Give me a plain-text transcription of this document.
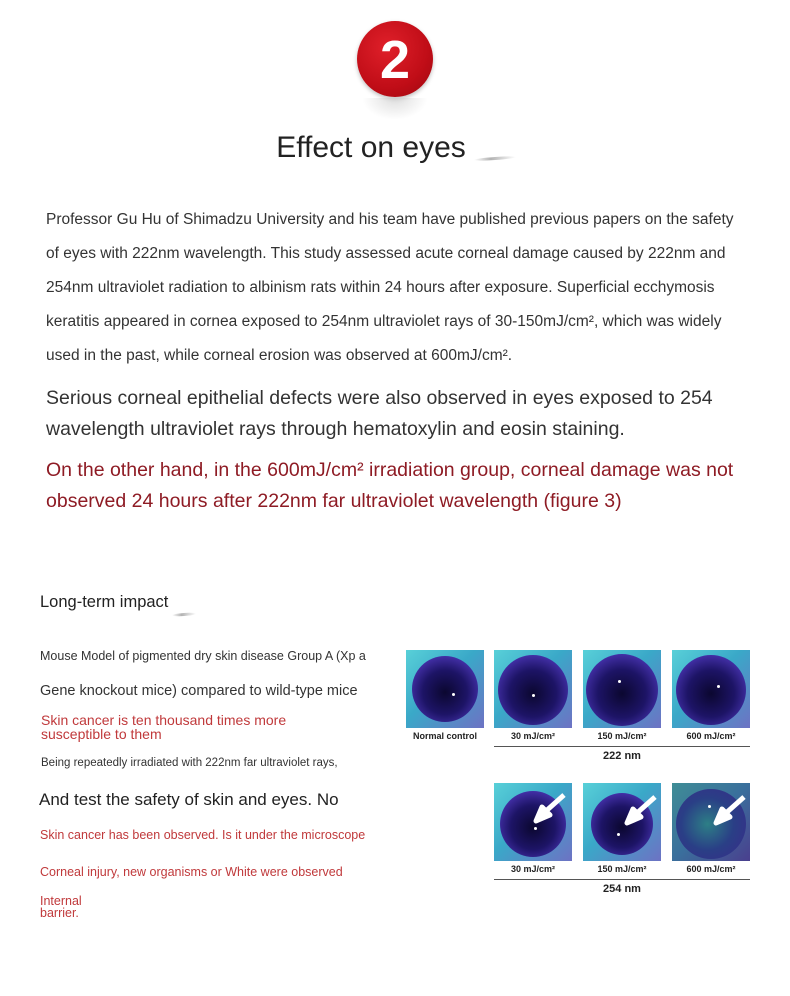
2
Effect on eyes
Professor Gu Hu of Shimadzu University and his team have published previous papers on the safety of eyes with 222nm wavelength. This study assessed acute corneal damage caused by 222nm and 254nm ultraviolet radiation to albinism rats within 24 hours after exposure. Superficial ecchymosis keratitis appeared in cornea exposed to 254nm ultraviolet rays of 30-150mJ/cm², which was widely used in the past, while corneal erosion was observed at 600mJ/cm².
Serious corneal epithelial defects were also observed in eyes exposed to 254 wavelength ultraviolet rays through hematoxylin and eosin staining.
On the other hand, in the 600mJ/cm² irradiation group, corneal damage was not observed 24 hours after 222nm far ultraviolet wavelength (figure 3)
Long-term impact
Mouse Model of pigmented dry skin disease Group A (Xp a
Gene knockout mice) compared to wild-type mice
Skin cancer is ten thousand times more
susceptible to them
Being repeatedly irradiated with 222nm far ultraviolet rays,
And test the safety of skin and eyes. No
Skin cancer has been observed. Is it under the microscope
Corneal injury, new organisms or White were observed
Internal
barrier.
Normal control	30 mJ/cm²	150 mJ/cm²	600 mJ/cm²
222 nm
30 mJ/cm²	150 mJ/cm²	600 mJ/cm²
254 nm
